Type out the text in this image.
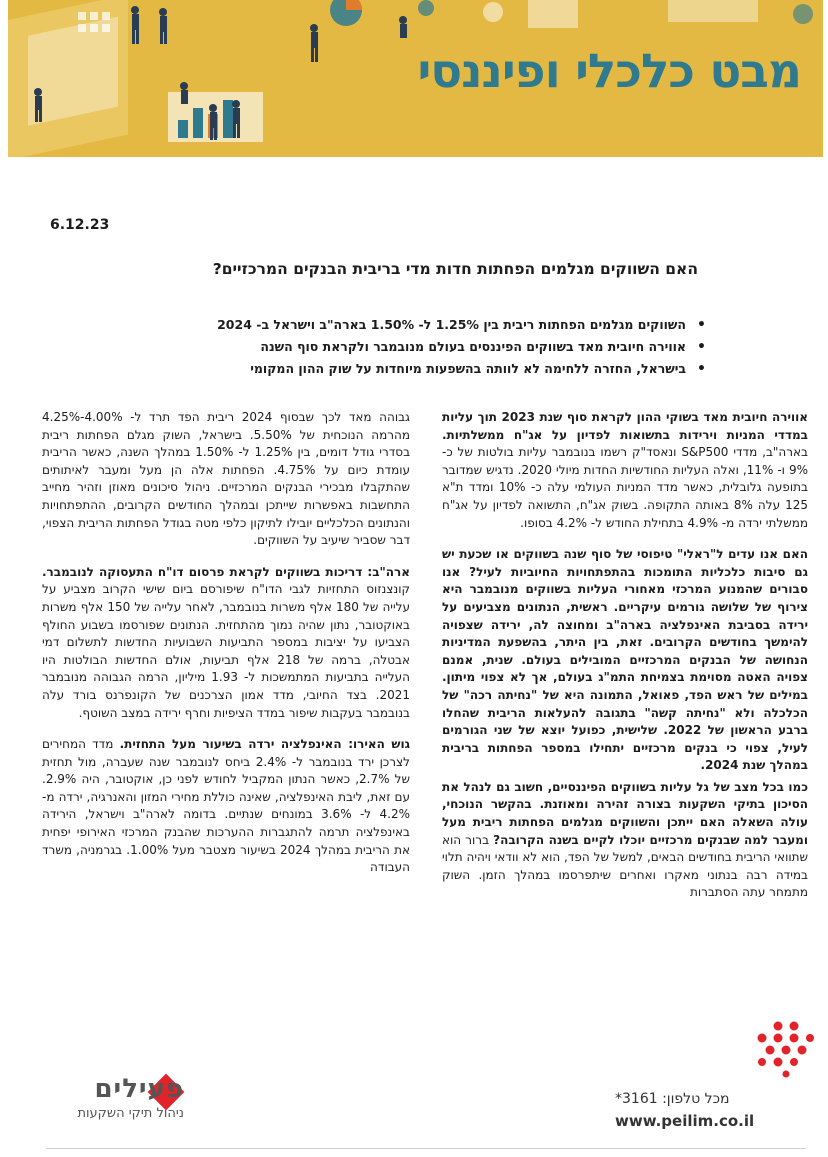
מבט כלכלי ופיננסי
6.12.23
האם השווקים מגלמים הפחתות חדות מדי בריבית הבנקים המרכזיים?
• השווקים מגלמים הפחתות ריבית בין 1.25% ל- 1.50% בארה"ב וישראל ב- 2024
• אווירה חיובית מאד בשווקים הפיננסים בעולם מנובמבר ולקראת סוף השנה
• בישראל, החזרה ללחימה לא לוותה בהשפעות מיוחדות על שוק ההון המקומי

אווירה חיובית מאד בשוקי ההון לקראת סוף שנת 2023 תוך עליות במדדי המניות וירידות בתשואות לפדיון על אג"ח ממשלתיות. בארה"ב, מדדי S&P500 ונאסד"ק רשמו בנובמבר עליות בולטות של כ- 9% ו- 11%, ואלה העליות החודשיות החדות מיולי 2020. נדגיש שמדובר בתופעה גלובלית, כאשר מדד המניות העולמי עלה כ- 10% ומדד ת"א 125 עלה 8% באותה התקופה. בשוק אג"ח, התשואה לפדיון על אג"ח ממשלתי ירדה מ- 4.9% בתחילת החודש ל- 4.2% בסופו.

האם אנו עדים ל"ראלי" טיפוסי של סוף שנה בשווקים או שכעת יש גם סיבות כלכליות התומכות בהתפתחויות החיוביות לעיל? אנו סבורים שהמנוע המרכזי מאחורי העליות בשווקים מנובמבר היא צירוף של שלושה גורמים עיקריים. ראשית, הנתונים מצביעים על ירידה בסביבת האינפלציה בארה"ב ומחוצה לה, ירידה שצפויה להימשך בחודשים הקרובים. זאת, בין היתר, בהשפעת המדיניות הנחושה של הבנקים המרכזיים המובילים בעולם. שנית, אמנם צפויה האטה מסוימת בצמיחת התמ"ג בעולם, אך לא צפוי מיתון. במילים של ראש הפד, פאואל, התמונה היא של "נחיתה רכה" של הכלכלה ולא "נחיתה קשה" בתגובה להעלאות הריבית שהחלו ברבע הראשון של 2022. שלישית, כפועל יוצא של שני הגורמים לעיל, צפוי כי בנקים מרכזיים יתחילו במספר הפחתות בריבית במהלך שנת 2024.

כמו בכל מצב של גל עליות בשווקים הפיננסיים, חשוב גם לנהל את הסיכון בתיקי השקעות בצורה זהירה ומאוזנת. בהקשר הנוכחי, עולה השאלה האם ייתכן והשווקים מגלמים הפחתות ריבית מעל ומעבר למה שבנקים מרכזיים יוכלו לקיים בשנה הקרובה? ברור הוא שתוואי הריבית בחודשים הבאים, למשל של הפד, הוא לא וודאי ויהיה תלוי במידה רבה בנתוני מאקרו ואחרים שיתפרסמו במהלך הזמן. השוק מתמחר עתה הסתברות

גבוהה מאד לכך שבסוף 2024 ריבית הפד תרד ל- 4.00%-4.25% מהרמה הנוכחית של 5.50%. בישראל, השוק מגלם הפחתות ריבית בסדרי גודל דומים, בין 1.25% ל- 1.50% במהלך השנה, כאשר הריבית עומדת כיום על 4.75%. הפחתות אלה הן מעל ומעבר לאיתותים שהתקבלו מבכירי הבנקים המרכזיים. ניהול סיכונים מאוזן וזהיר מחייב התחשבות באפשרות שייתכן ובמהלך החודשים הקרובים, ההתפתחויות והנתונים הכלכליים יובילו לתיקון כלפי מטה בגודל הפחתות הריבית הצפוי, דבר שסביר שיעיב על השווקים.

ארה"ב: דריכות בשווקים לקראת פרסום דו"ח התעסוקה לנובמבר. קונצנזוס התחזיות לגבי הדו"ח שיפורסם ביום שישי הקרוב מצביע על עלייה של 180 אלף משרות בנובמבר, לאחר עלייה של 150 אלף משרות באוקטובר, נתון שהיה נמוך מהתחזית. הנתונים שפורסמו בשבוע החולף הצביעו על יציבות במספר התביעות השבועיות החדשות לתשלום דמי אבטלה, ברמה של 218 אלף תביעות, אולם החדשות הבולטות היו העלייה בתביעות המתמשכות ל- 1.93 מיליון, הרמה הגבוהה מנובמבר 2021. בצד החיובי, מדד אמון הצרכנים של הקונפרנס בורד עלה בנובמבר בעקבות שיפור במדד הציפיות וחרף ירידה במצב השוטף.

גוש האירו: האינפלציה ירדה בשיעור מעל התחזית. מדד המחירים לצרכן ירד בנובמבר ל- 2.4% ביחס לנובמבר שנה שעברה, מול תחזית של 2.7%, כאשר הנתון המקביל לחודש לפני כן, אוקטובר, היה 2.9%. עם זאת, ליבת האינפלציה, שאינה כוללת מחירי המזון והאנרגיה, ירדה מ- 4.2% ל- 3.6% במונחים שנתיים. בדומה לארה"ב וישראל, הירידה באינפלציה תרמה להתגברות ההערכות שהבנק המרכזי האירופי יפחית את הריבית במהלך 2024 בשיעור מצטבר מעל 1.00%. בגרמניה, משרד העבודה

מכל טלפון: 3161*
www.peilim.co.il
פעילים
ניהול תיקי השקעות
